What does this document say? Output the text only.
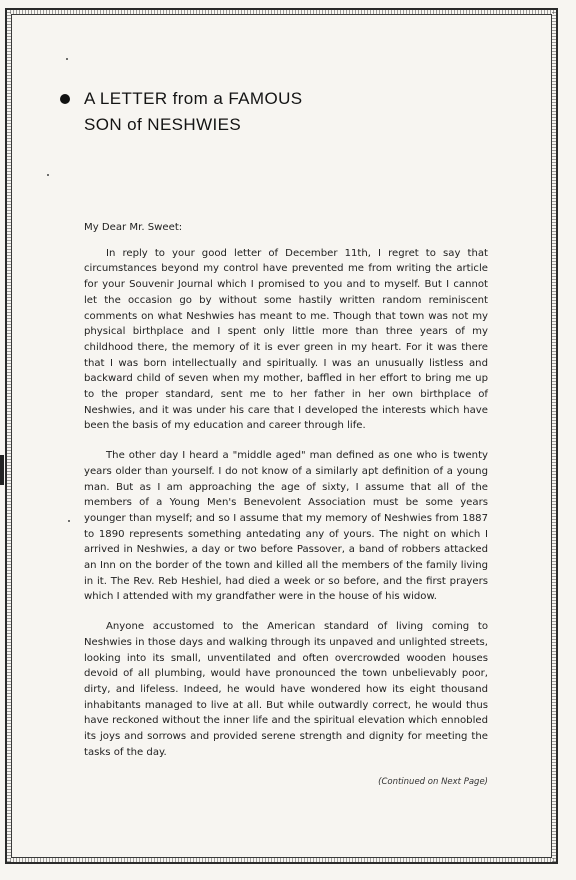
A LETTER from a FAMOUS
SON of NESHWIES

My Dear Mr. Sweet:

In reply to your good letter of December 11th, I regret to say that circumstances beyond my control have prevented me from writing the article for your Souvenir Journal which I promised to you and to myself. But I cannot let the occasion go by without some hastily written random reminiscent comments on what Neshwies has meant to me. Though that town was not my physical birthplace and I spent only little more than three years of my childhood there, the memory of it is ever green in my heart. For it was there that I was born intellectually and spiritually. I was an unusually listless and backward child of seven when my mother, baffled in her effort to bring me up to the proper standard, sent me to her father in her own birthplace of Neshwies, and it was under his care that I developed the interests which have been the basis of my education and career through life.

The other day I heard a "middle aged" man defined as one who is twenty years older than yourself. I do not know of a similarly apt definition of a young man. But as I am approaching the age of sixty, I assume that all of the members of a Young Men's Benevolent Association must be some years younger than myself; and so I assume that my memory of Neshwies from 1887 to 1890 represents something antedating any of yours. The night on which I arrived in Neshwies, a day or two before Passover, a band of robbers attacked an Inn on the border of the town and killed all the members of the family living in it. The Rev. Reb Heshiel, had died a week or so before, and the first prayers which I attended with my grandfather were in the house of his widow.

Anyone accustomed to the American standard of living coming to Neshwies in those days and walking through its unpaved and unlighted streets, looking into its small, unventilated and often overcrowded wooden houses devoid of all plumbing, would have pronounced the town unbelievably poor, dirty, and lifeless. Indeed, he would have wondered how its eight thousand inhabitants managed to live at all. But while outwardly correct, he would thus have reckoned without the inner life and the spiritual elevation which ennobled its joys and sorrows and provided serene strength and dignity for meeting the tasks of the day.

(Continued on Next Page)
